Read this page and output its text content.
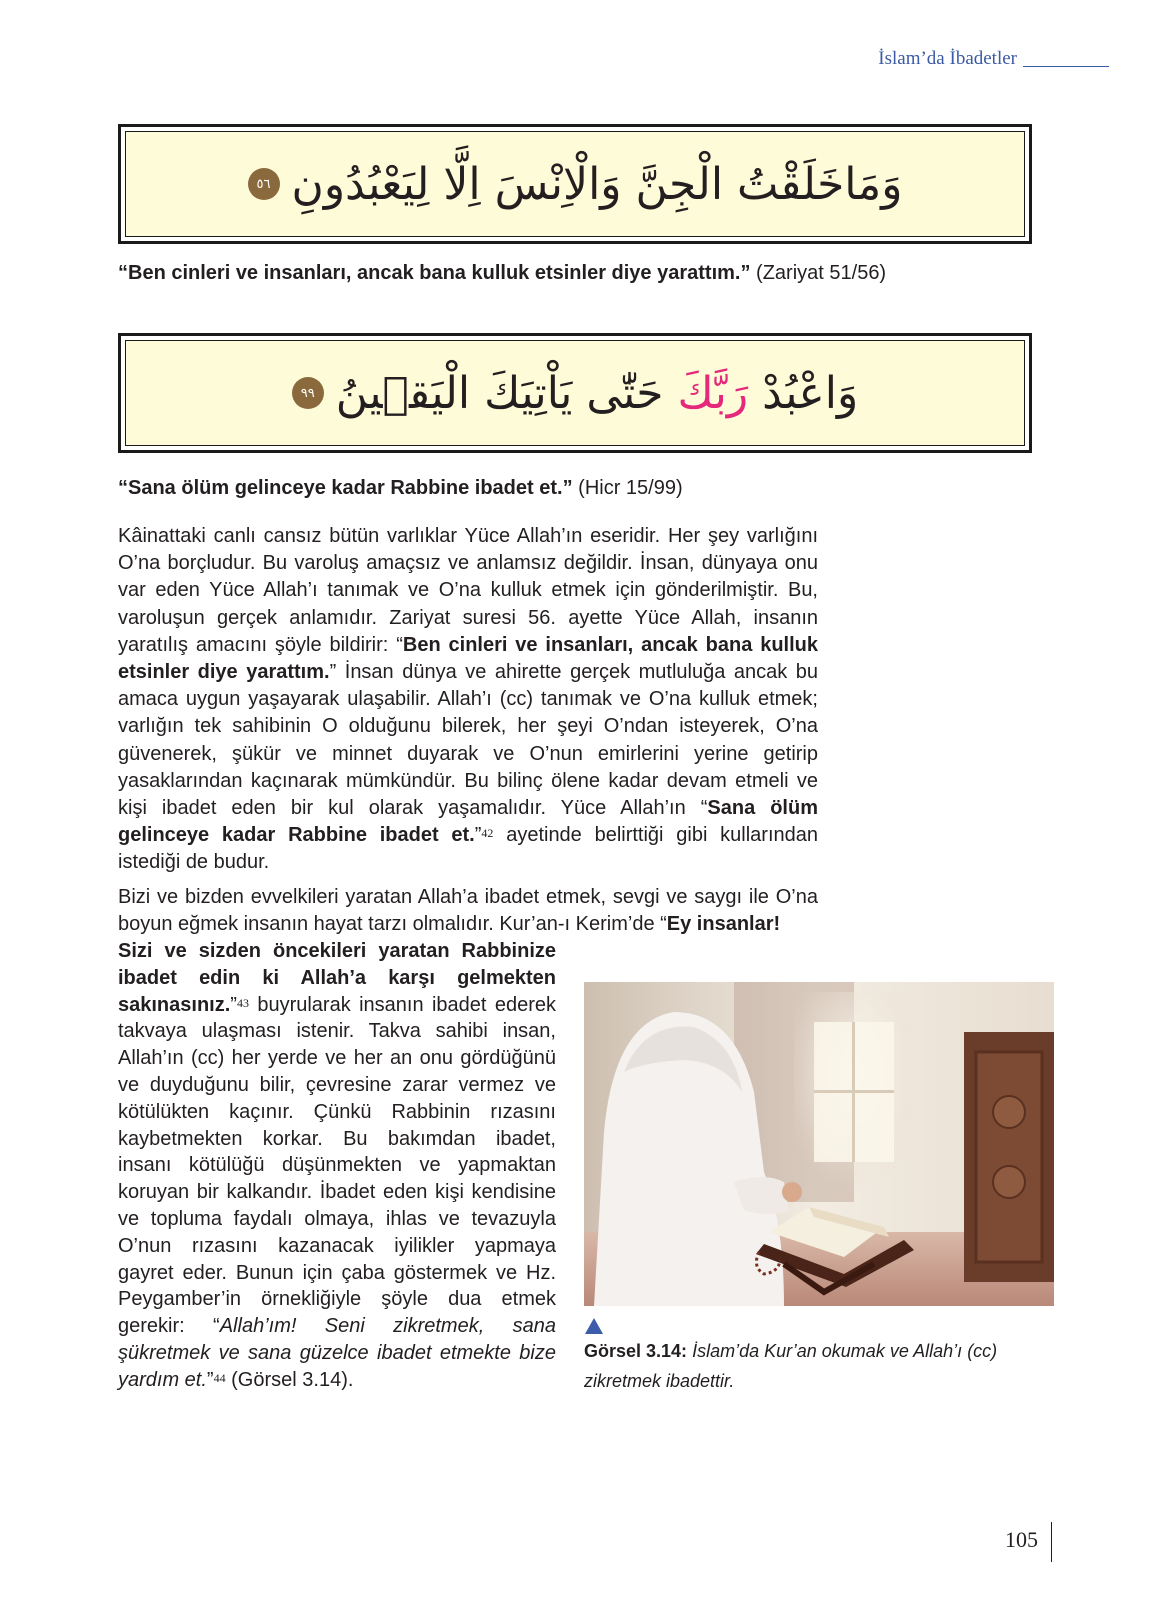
İslam’da İbadetler
وَمَاخَلَقْتُ الْجِنَّ وَالْاِنْسَ اِلَّا لِيَعْبُدُونِ
٥٦
“Ben cinleri ve insanları, ancak bana kulluk etsinler diye yarattım.” (Zariyat 51/56)
وَاعْبُدْ رَبَّكَ حَتّٰى يَاْتِيَكَ الْيَق۪ينُ
٩٩
“Sana ölüm gelinceye kadar Rabbine ibadet et.” (Hicr 15/99)

Kâinattaki canlı cansız bütün varlıklar Yüce Allah’ın eseridir. Her şey varlığını O’na borçludur. Bu varoluş amaçsız ve anlamsız değildir. İnsan, dünyaya onu var eden Yüce Allah’ı tanımak ve O’na kulluk etmek için gönderilmiştir. Bu, varoluşun gerçek anlamıdır. Zariyat suresi 56. ayette Yüce Allah, insanın yaratılış amacını şöyle bildirir: “Ben cinleri ve insanları, ancak bana kulluk etsinler diye yarattım.” İnsan dünya ve ahirette gerçek mutluluğa ancak bu amaca uygun yaşayarak ulaşabilir. Allah’ı (cc) tanımak ve O’na kulluk etmek; varlığın tek sahibinin O olduğunu bilerek, her şeyi O’ndan isteyerek, O’na güvenerek, şükür ve minnet duyarak ve O’nun emirlerini yerine getirip yasaklarından kaçınarak mümkündür. Bu bilinç ölene kadar devam etmeli ve kişi ibadet eden bir kul olarak yaşamalıdır. Yüce Allah’ın “Sana ölüm gelinceye kadar Rabbine ibadet et.”$^{42}$ ayetinde belirttiği gibi kullarından istediği de budur.

Bizi ve bizden evvelkileri yaratan Allah’a ibadet etmek, sevgi ve saygı ile O’na boyun eğmek insanın hayat tarzı olmalıdır. Kur’an-ı Kerim’de “Ey insanlar!

Sizi ve sizden öncekileri yaratan Rabbinize ibadet edin ki Allah’a karşı gelmekten sakınasınız.”$^{43}$ buyrularak insanın ibadet ederek takvaya ulaşması istenir. Takva sahibi insan, Allah’ın (cc) her yerde ve her an onu gördüğünü ve duyduğunu bilir, çevresine zarar vermez ve kötülükten kaçınır. Çünkü Rabbinin rızasını kaybetmekten korkar. Bu bakımdan ibadet, insanı kötülüğü düşünmekten ve yapmaktan koruyan bir kalkandır. İbadet eden kişi kendisine ve topluma faydalı olmaya, ihlas ve tevazuyla O’nun rızasını kazanacak iyilikler yapmaya gayret eder. Bunun için çaba göstermek ve Hz. Peygamber’in örnekliğiyle şöyle dua etmek gerekir: “Allah’ım! Seni zikretmek, sana şükretmek ve sana güzelce ibadet etmekte bize yardım et.”$^{44}$ (Görsel 3.14).

Görsel 3.14: İslam’da Kur’an okumak ve Allah’ı (cc) zikretmek ibadettir.
105
